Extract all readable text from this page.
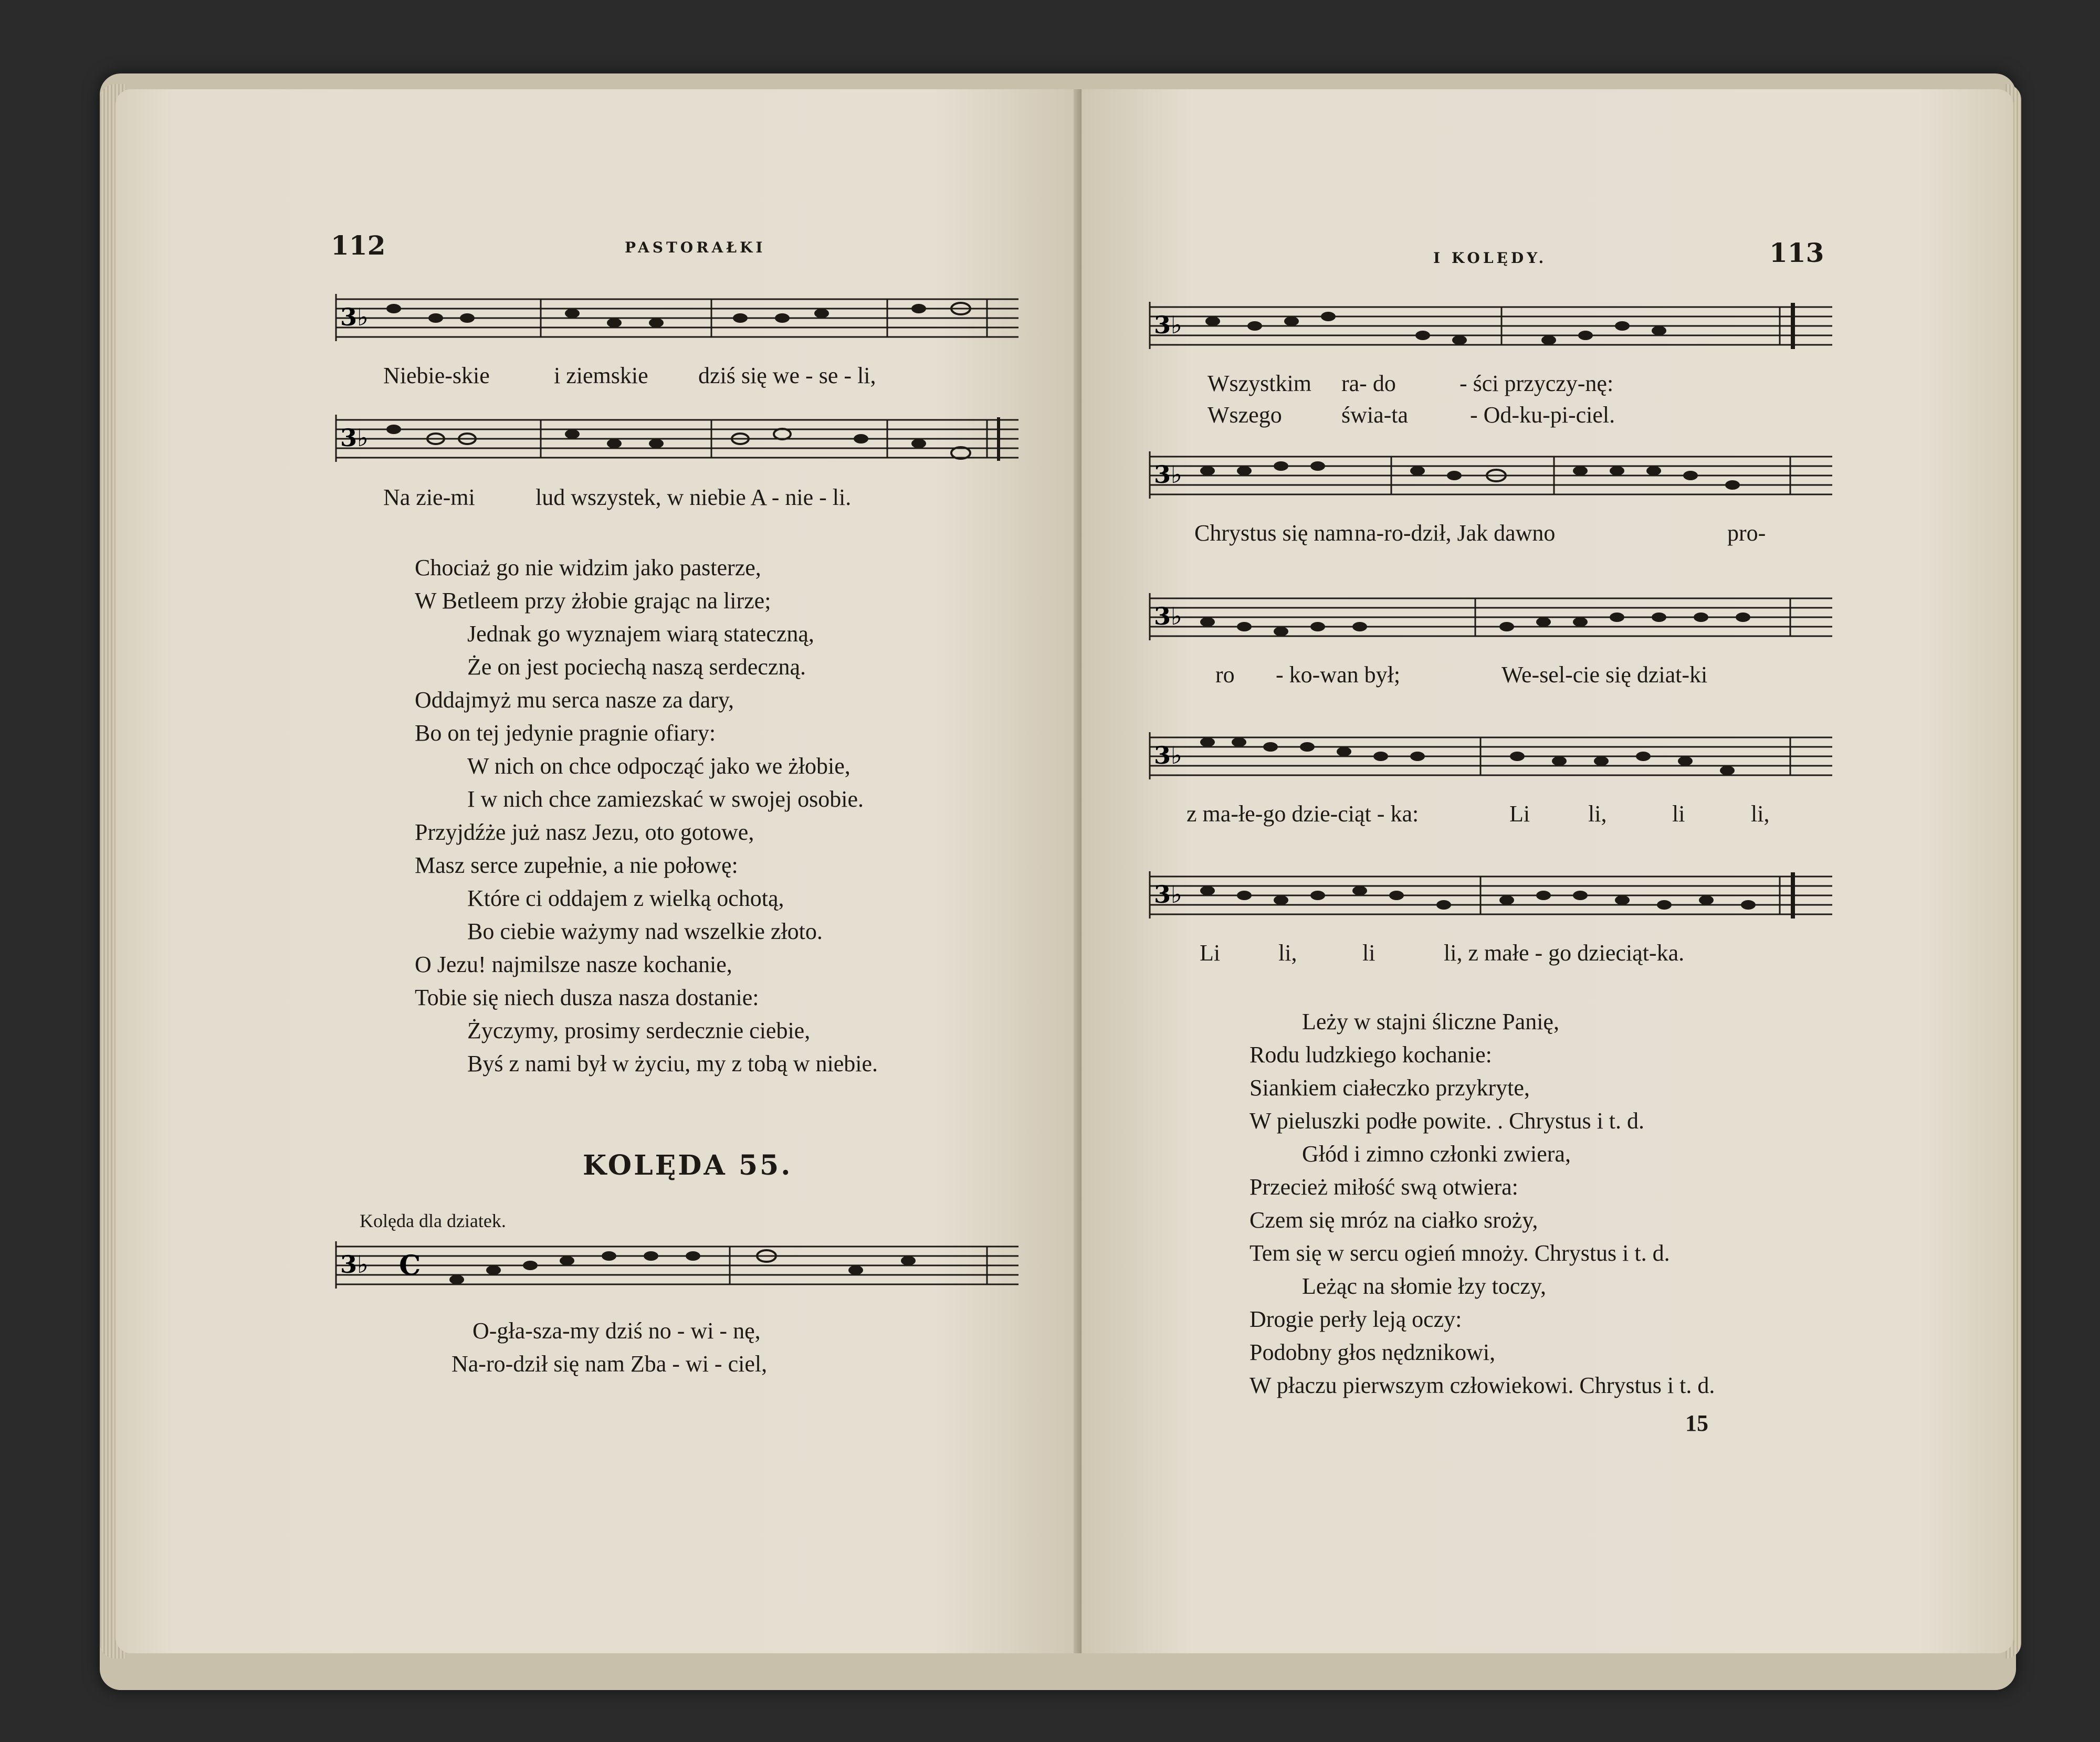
112	PASTORAŁKI
3♭
Niebie-skie	i ziemskie dziś się we - se - li,
3♭
Na zie-mi	lud wszystek, w niebie A - nie - li.
Chociaż go nie widzim jako pasterze,
W Betleem przy żłobie grając na lirze;
Jednak go wyznajem wiarą stateczną,
Że on jest pociechą naszą serdeczną.
Oddajmyż mu serca nasze za dary,
Bo on tej jedynie pragnie ofiary:
W nich on chce odpocząć jako we żłobie,
I w nich chce zamiezskać w swojej osobie.
Przyjdźże już nasz Jezu, oto gotowe,
Masz serce zupełnie, a nie połowę:
Które ci oddajem z wielką ochotą,
Bo ciebie ważymy nad wszelkie złoto.
O Jezu! najmilsze nasze kochanie,
Tobie się niech dusza nasza dostanie:
Życzymy, prosimy serdecznie ciebie,
Byś z nami był w życiu, my z tobą w niebie.
KOLĘDA 55.
Kolęda dla dziatek.
3♭ C
O-gła-sza-my dziś no - wi - nę,
Na-ro-dził się nam Zba - wi - ciel,
I KOLĘDY.	113
3♭
Wszystkim ra- do	- ści przyczy-nę:
Wszego	świa-ta	- Od-ku-pi-ciel.
3♭
Chrystus się nam na-ro-dził, Jak dawno	pro-
3♭
ro - ko-wan był;	We-sel-cie się dziat-ki
3♭
z ma-łe-go dzie-ciąt - ka:	Li	li,	li	li,
3♭
Li	li,	li	li, z małe - go dzieciąt-ka.
Leży w stajni śliczne Panię,
Rodu ludzkiego kochanie:
Siankiem ciałeczko przykryte,
W pieluszki podłe powite. . Chrystus i t. d.
Głód i zimno członki zwiera,
Przecież miłość swą otwiera:
Czem się mróz na ciałko sroży,
Tem się w sercu ogień mnoży. Chrystus i t. d.
Leżąc na słomie łzy toczy,
Drogie perły leją oczy:
Podobny głos nędznikowi,
W płaczu pierwszym człowiekowi. Chrystus i t. d.
15
